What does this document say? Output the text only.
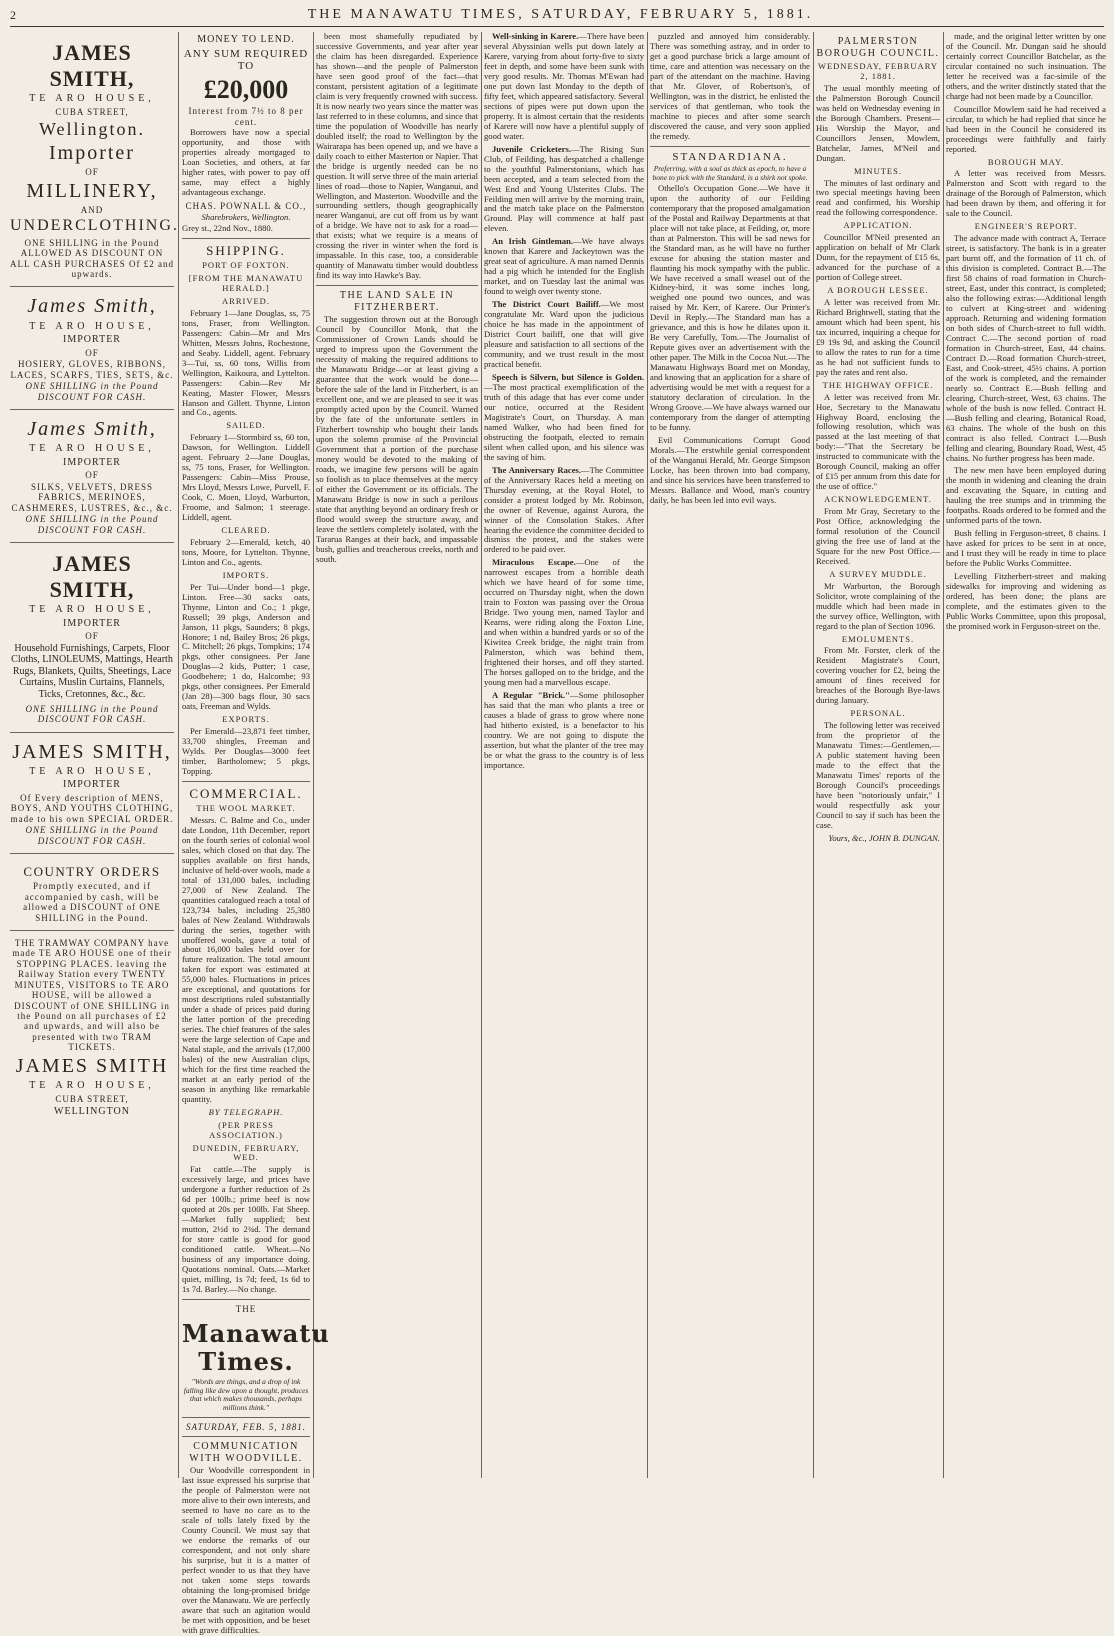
2	THE MANAWATU TIMES, SATURDAY, FEBRUARY 5, 1881.
JAMES SMITH,
TE ARO HOUSE,
CUBA STREET,
Wellington.
Importer
OF
MILLINERY,
AND
UNDERCLOTHING.
ONE SHILLING in the Pound ALLOWED AS DISCOUNT ON ALL CASH PURCHASES Of £2 and upwards.
James Smith,
TE ARO HOUSE,
IMPORTER
OF
HOSIERY, GLOVES, RIBBONS, LACES, SCARFS, TIES, SETS, &c.
ONE SHILLING in the Pound DISCOUNT FOR CASH.
James Smith,
TE ARO HOUSE,
IMPORTER
OF
SILKS, VELVETS, DRESS FABRICS, MERINOES, CASHMERES, LUSTRES, &c., &c.
ONE SHILLING in the Pound DISCOUNT FOR CASH.
JAMES SMITH,
TE ARO HOUSE,
IMPORTER
OF
Household Furnishings, Carpets, Floor Cloths, LINOLEUMS, Mattings, Hearth Rugs, Blankets, Quilts, Sheetings, Lace Curtains, Muslin Curtains, Flannels, Ticks, Cretonnes, &c., &c.
ONE SHILLING in the Pound DISCOUNT FOR CASH.
JAMES SMITH,
TE ARO HOUSE,
IMPORTER
Of Every description of MENS, BOYS, AND YOUTHS CLOTHING, made to his own SPECIAL ORDER.
ONE SHILLING in the Pound DISCOUNT FOR CASH.
COUNTRY ORDERS
Promptly executed, and if accompanied by cash, will be allowed a DISCOUNT of ONE SHILLING in the Pound.
THE TRAMWAY COMPANY have made TE ARO HOUSE one of their STOPPING PLACES. leaving the Railway Station every TWENTY MINUTES, VISITORS to TE ARO HOUSE, will be allowed a DISCOUNT of ONE SHILLING in the Pound on all purchases of £2 and upwards, and will also be presented with two TRAM TICKETS.
JAMES SMITH
TE ARO HOUSE,
CUBA STREET,
WELLINGTON
MONEY TO LEND.
ANY SUM REQUIRED TO
£20,000
Interest from 7½ to 8 per cent.

Borrowers have now a special opportunity, and those with properties already mortgaged to Loan Societies, and others, at far higher rates, with power to pay off same, may effect a highly advantageous exchange.

CHAS. POWNALL & CO.,
Sharebrokers, Wellington.
Grey st., 22nd Nov., 1880.
SHIPPING.
PORT OF FOXTON.
[FROM THE MANAWATU HERALD.]
ARRIVED.

February 1—Jane Douglas, ss, 75 tons, Fraser, from Wellington. Passengers: Cabin—Mr and Mrs Whitten, Messrs Johns, Rochestone, and Seaby. Liddell, agent. February 3—Tui, ss, 60 tons, Willis from Wellington, Kaikoura, and Lyttelton. Passengers: Cabin—Rev Mr Keating, Master Flower, Messrs Hanson and Gillett. Thynne, Linton and Co., agents.

SAILED.

February 1—Stormbird ss, 60 ton, Dawson, for Wellington. Liddell agent. February 2—Jane Douglas, ss, 75 tons, Fraser, for Wellington. Passengers: Cabin—Miss Prouse, Mrs Lloyd, Messrs Lowe, Purvell, F. Cook, C. Moen, Lloyd, Warburton, Froome, and Salmon; 1 steerage. Liddell, agent.

CLEARED.

February 2—Emerald, ketch, 40 tons, Moore, for Lyttelton. Thynne, Linton and Co., agents.

IMPORTS.

Per Tui—Under bond—1 pkge, Linton. Free—30 sacks oats, Thynne, Linton and Co.; 1 pkge, Russell; 39 pkgs, Anderson and Janson, 11 pkgs, Saunders; 8 pkgs, Honore; 1 nd, Bailey Bros; 26 pkgs, C. Mitchell; 26 pkgs, Tompkins; 174 pkgs, other consignees. Per Jane Douglas—2 kids, Putter; 1 case, Goodbehere; 1 do, Halcombe; 93 pkgs, other consignees. Per Emerald (Jan 28)—300 bags flour, 30 sacs oats, Freeman and Wylds.

EXPORTS.

Per Emerald—23,871 feet timber, 33,700 shingles, Freeman and Wylds. Per Douglas—3000 feet timber, Bartholomew; 5 pkgs, Topping.

COMMERCIAL.
THE WOOL MARKET.

Messrs. C. Balme and Co., under date London, 11th December, report on the fourth series of colonial wool sales, which closed on that day. The supplies available on first hands, inclusive of held-over wools, made a total of 131,000 bales, including 27,000 of New Zealand. The quantities catalogued reach a total of 123,734 bales, including 25,380 bales of New Zealand. Withdrawals during the series, together with unoffered wools, gave a total of about 16,000 bales held over for future realization. The total amount taken for export was estimated at 55,000 bales. Fluctuations in prices are exceptional, and quotations for most descriptions ruled substantially under a shade of prices paid during the latter portion of the preceding series. The chief features of the sales were the large selection of Cape and Natal staple, and the arrivals (17,000 bales) of the new Australian clips, which for the first time reached the market at an early period of the season in anything like remarkable quantity.

BY TELEGRAPH.
(PER PRESS ASSOCIATION.)
DUNEDIN, FEBRUARY, WED.

Fat cattle.—The supply is excessively large, and prices have undergone a further reduction of 2s 6d per 100lb.; prime beef is now quoted at 20s per 100lb. Fat Sheep.—Market fully supplied; best mutton, 2½d to 2¾d. The demand for store cattle is good for good conditioned cattle. Wheat.—No business of any importance doing. Quotations nominal. Oats.—Market quiet, milling, 1s 7d; feed, 1s 6d to 1s 7d. Barley.—No change.

THE
Manawatu Times.
"Words are things, and a drop of ink falling like dew upon a thought, produces that which makes thousands, perhaps millions think."
SATURDAY, FEB. 5, 1881.
COMMUNICATION WITH WOODVILLE.

Our Woodville correspondent in last issue expressed his surprise that the people of Palmerston were not more alive to their own interests, and seemed to have no care as to the scale of tolls lately fixed by the County Council. We must say that we endorse the remarks of our correspondent, and not only share his surprise, but it is a matter of perfect wonder to us that they have not taken some steps towards obtaining the long-promised bridge over the Manawatu. We are perfectly aware that such an agitation would be met with opposition, and be beset with grave difficulties.

been most shamefully repudiated by successive Governments, and year after year the claim has been disregarded. Experience has shown—and the people of Palmerston have seen good proof of the fact—that constant, persistent agitation of a legitimate claim is very frequently crowned with success. It is now nearly two years since the matter was last referred to in these columns, and since that time the population of Woodville has nearly doubled itself; the road to Wellington by the Wairarapa has been opened up, and we have a daily coach to either Masterton or Napier. That the bridge is urgently needed can be no question. It will serve three of the main arterial lines of road—those to Napier, Wanganui, and Wellington, and Masterton. Woodville and the surrounding settlers, though geographically nearer Wanganui, are cut off from us by want of a bridge. We have not to ask for a road—that exists; what we require is a means of crossing the river in winter when the ford is impassable. In this case, too, a considerable quantity of Manawatu timber would doubtless find its way into Hawke's Bay.

THE LAND SALE IN FITZHERBERT.

The suggestion thrown out at the Borough Council by Councillor Monk, that the Commissioner of Crown Lands should be urged to impress upon the Government the necessity of making the required additions to the Manawatu Bridge—or at least giving a guarantee that the work would be done—before the sale of the land in Fitzherbert, is an excellent one, and we are pleased to see it was promptly acted upon by the Council. Warned by the fate of the unfortunate settlers in Fitzherbert township who bought their lands upon the solemn promise of the Provincial Government that a portion of the purchase money would be devoted to the making of roads, we imagine few persons will be again so foolish as to place themselves at the mercy of either the Government or its officials. The Manawatu Bridge is now in such a perilous state that anything beyond an ordinary fresh or flood would sweep the structure away, and leave the settlers completely isolated, with the Tararua Ranges at their back, and impassable bush, gullies and treacherous creeks, north and south.

Well-sinking in Karere.—There have been several Abyssinian wells put down lately at Karere, varying from about forty-five to sixty feet in depth, and some have been sunk with very good results. Mr. Thomas M'Ewan had one put down last Monday to the depth of fifty feet, which appeared satisfactory. Several sections of pipes were put down upon the property. It is almost certain that the residents of Karere will now have a plentiful supply of good water.

Juvenile Cricketers.—The Rising Sun Club, of Feilding, has despatched a challenge to the youthful Palmerstonians, which has been accepted, and a team selected from the West End and Young Ulsterites Clubs. The Feilding men will arrive by the morning train, and the match take place on the Palmerston Ground. Play will commence at half past eleven.

An Irish Gintleman.—We have always known that Karere and Jackeytown was the great seat of agriculture. A man named Dennis had a pig which he intended for the English market, and on Tuesday last the animal was found to weigh over twenty stone.

The District Court Bailiff.—We most congratulate Mr. Ward upon the judicious choice he has made in the appointment of District Court bailiff, one that will give pleasure and satisfaction to all sections of the community, and we trust result in the most practical benefit.

Speech is Silvern, but Silence is Golden.—The most practical exemplification of the truth of this adage that has ever come under our notice, occurred at the Resident Magistrate's Court, on Thursday. A man named Walker, who had been fined for obstructing the footpath, elected to remain silent when called upon, and his silence was the saving of him.

The Anniversary Races.—The Committee of the Anniversary Races held a meeting on Thursday evening, at the Royal Hotel, to consider a protest lodged by Mr. Robinson, the owner of Revenue, against Aurora, the winner of the Consolation Stakes. After hearing the evidence the committee decided to dismiss the protest, and the stakes were ordered to be paid over.

Miraculous Escape.—One of the narrowest escapes from a horrible death which we have heard of for some time, occurred on Thursday night, when the down train to Foxton was passing over the Oroua Bridge. Two young men, named Taylor and Kearns, were riding along the Foxton Line, and when within a hundred yards or so of the Kiwitea Creek bridge, the night train from Palmerston, which was behind them, frightened their horses, and off they started. The horses galloped on to the bridge, and the young men had a marvellous escape.

A Regular "Brick."—Some philosopher has said that the man who plants a tree or causes a blade of grass to grow where none had hitherto existed, is a benefactor to his country. We are not going to dispute the assertion, but what the planter of the tree may be or what the grass to the country is of less importance.

puzzled and annoyed him considerably. There was something astray, and in order to get a good purchase brick a large amount of time, care and attention was necessary on the part of the attendant on the machine. Having that Mr. Glover, of Robertson's, of Wellington, was in the district, he enlisted the services of that gentleman, who took the machine to pieces and after some search discovered the cause, and very soon applied the remedy.

STANDARDIANA.
Preferring, with a soul as thick as epoch, to have a bone to pick with the Standard, is a shirk not spoke.

Othello's Occupation Gone.—We have it upon the authority of our Feilding contemporary that the proposed amalgamation of the Postal and Railway Departments at that place will not take place, at Feilding, or, more than at Palmerston. This will be sad news for the Standard man, as he will have no further excuse for abusing the station master and flaunting his mock sympathy with the public. We have received a small weasel out of the Kidney-bird, it was some inches long, weighed one pound two ounces, and was raised by Mr. Kerr, of Karere. Our Printer's Devil in Reply.—The Standard man has a grievance, and this is how he dilates upon it. Be very Carefully, Tom.—The Journalist of Repute gives over an advertisement with the other paper. The Milk in the Cocoa Nut.—The Manawatu Highways Board met on Monday, and knowing that an application for a share of advertising would be met with a request for a statutory declaration of circulation. In the Wrong Groove.—We have always warned our contemporary from the danger of attempting to be funny.

Evil Communications Corrupt Good Morals.—The erstwhile genial correspondent of the Wanganui Herald, Mr. George Simpson Locke, has been thrown into bad company, and since his services have been transferred to Messrs. Ballance and Wood, man's country daily, he has been led into evil ways.

PALMERSTON BOROUGH COUNCIL.
WEDNESDAY, FEBRUARY 2, 1881.

The usual monthly meeting of the Palmerston Borough Council was held on Wednesday evening in the Borough Chambers. Present—His Worship the Mayor, and Councillors Jensen, Mowlem, Batchelar, James, M'Neil and Dungan.

MINUTES.

The minutes of last ordinary and two special meetings having been read and confirmed, his Worship read the following correspondence.

APPLICATION.

Councillor M'Neil presented an application on behalf of Mr Clark Dunn, for the repayment of £15 6s, advanced for the purchase of a portion of College street.

A BOROUGH LESSEE.

A letter was received from Mr. Richard Brightwell, stating that the amount which had been spent, his tax incurred, inquiring a cheque for £9 19s 9d, and asking the Council to allow the rates to run for a time as he had not sufficient funds to pay the rates and rent also.

THE HIGHWAY OFFICE.

A letter was received from Mr. Hoe, Secretary to the Manawatu Highway Board, enclosing the following resolution, which was passed at the last meeting of that body:—"That the Secretary be instructed to communicate with the Borough Council, making an offer of £15 per annum from this date for the use of office."

ACKNOWLEDGEMENT.

From Mr Gray, Secretary to the Post Office, acknowledging the formal resolution of the Council giving the free use of land at the Square for the new Post Office.—Received.

A SURVEY MUDDLE.

Mr Warburton, the Borough Solicitor, wrote complaining of the muddle which had been made in the survey office, Wellington, with regard to the plan of Section 1096.

EMOLUMENTS.

From Mr. Forster, clerk of the Resident Magistrate's Court, covering voucher for £2, being the amount of fines received for breaches of the Borough Bye-laws during January.

PERSONAL.

The following letter was received from the proprietor of the Manawatu Times:—Gentlemen,—A public statement having been made to the effect that the Manawatu Times' reports of the Borough Council's proceedings have been "notoriously unfair," I would respectfully ask your Council to say if such has been the case.

Yours, &c., JOHN B. DUNGAN.

made, and the original letter written by one of the Council. Mr. Dungan said he should certainly correct Councillor Batchelar, as the circular contained no such insinuation. The letter he received was a fac-simile of the others, and the writer distinctly stated that the charge had not been made by a Councillor.

Councillor Mowlem said he had received a circular, to which he had replied that since he had been in the Council he considered its proceedings were faithfully and fairly reported.

BOROUGH MAY.

A letter was received from Messrs. Palmerston and Scott with regard to the drainage of the Borough of Palmerston, which had been drawn by them, and offering it for sale to the Council.

ENGINEER'S REPORT.

The advance made with contract A, Terrace street, is satisfactory. The bank is in a greater part burnt off, and the formation of 11 ch. of this division is completed. Contract B.—The first 58 chains of road formation in Church-street, East, under this contract, is completed; also the following extras:—Additional length to culvert at King-street and widening approach. Returning and widening formation on both sides of Church-street to full width. Contract C.—The second portion of road formation in Church-street, East, 44 chains. Contract D.—Road formation Church-street, East, and Cook-street, 45½ chains. A portion of the work is completed, and the remainder nearly so. Contract E.—Bush felling and clearing, Church-street, West, 63 chains. The whole of the bush is now felled. Contract H.—Bush felling and clearing, Botanical Road, 63 chains. The whole of the bush on this contract is also felled. Contract I.—Bush felling and clearing, Boundary Road, West, 45 chains. No further progress has been made.

The new men have been employed during the month in widening and cleaning the drain and excavating the Square, in cutting and hauling the tree stumps and in trimming the footpaths. Roads ordered to be formed and the unformed parts of the town.

Bush felling in Ferguson-street, 8 chains. I have asked for prices to be sent in at once, and I trust they will be ready in time to place before the Public Works Committee.

Levelling Fitzherbert-street and making sidewalks for improving and widening as ordered, has been done; the plans are complete, and the estimates given to the Public Works Committee, upon this proposal, the promised work in Ferguson-street on the.
